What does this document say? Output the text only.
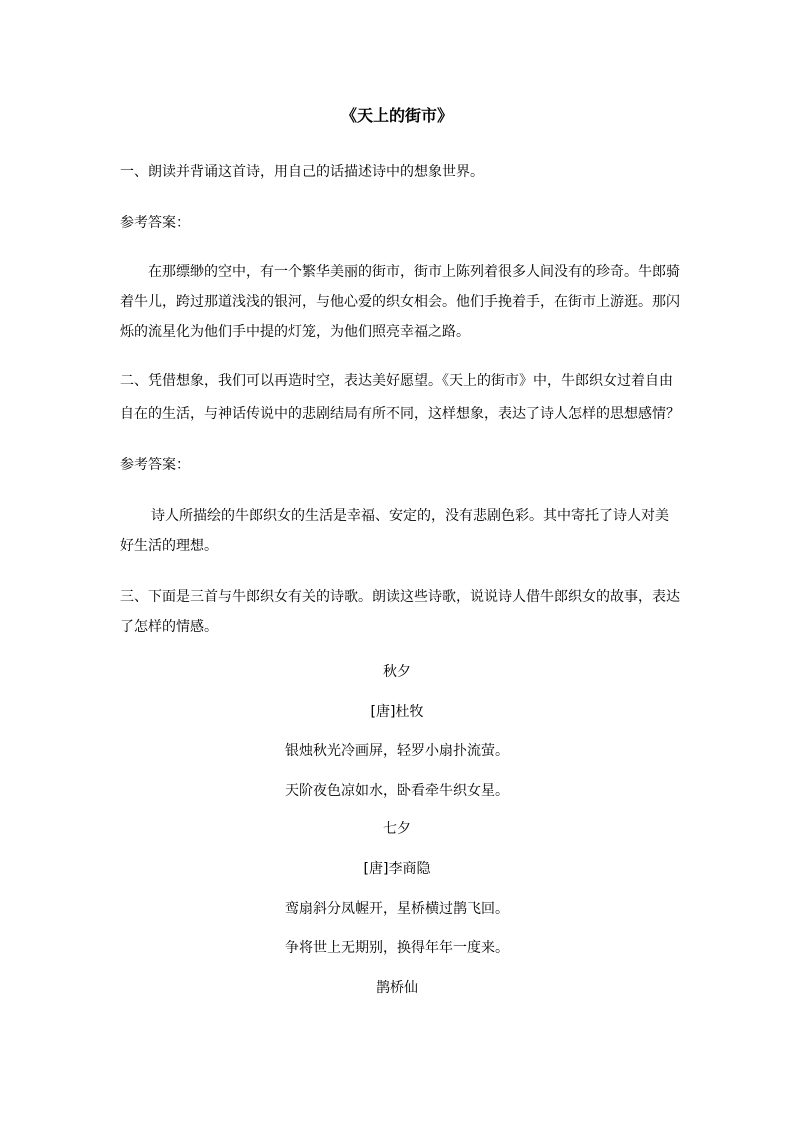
《天上的街市》
一、朗读并背诵这首诗，用自己的话描述诗中的想象世界。
参考答案：
在那缥缈的空中，有一个繁华美丽的街市，街市上陈列着很多人间没有的珍奇。牛郎骑
着牛儿，跨过那道浅浅的银河，与他心爱的织女相会。他们手挽着手，在街市上游逛。那闪
烁的流星化为他们手中提的灯笼，为他们照亮幸福之路。
二、凭借想象，我们可以再造时空，表达美好愿望。《天上的街市》中，牛郎织女过着自由
自在的生活，与神话传说中的悲剧结局有所不同，这样想象，表达了诗人怎样的思想感情？
参考答案：
诗人所描绘的牛郎织女的生活是幸福、安定的，没有悲剧色彩。其中寄托了诗人对美
好生活的理想。
三、下面是三首与牛郎织女有关的诗歌。朗读这些诗歌，说说诗人借牛郎织女的故事，表达
了怎样的情感。
秋夕
[唐]杜牧
银烛秋光冷画屏，轻罗小扇扑流萤。
天阶夜色凉如水，卧看牵牛织女星。
七夕
[唐]李商隐
鸾扇斜分凤幄开，星桥横过鹊飞回。
争将世上无期别，换得年年一度来。
鹊桥仙
